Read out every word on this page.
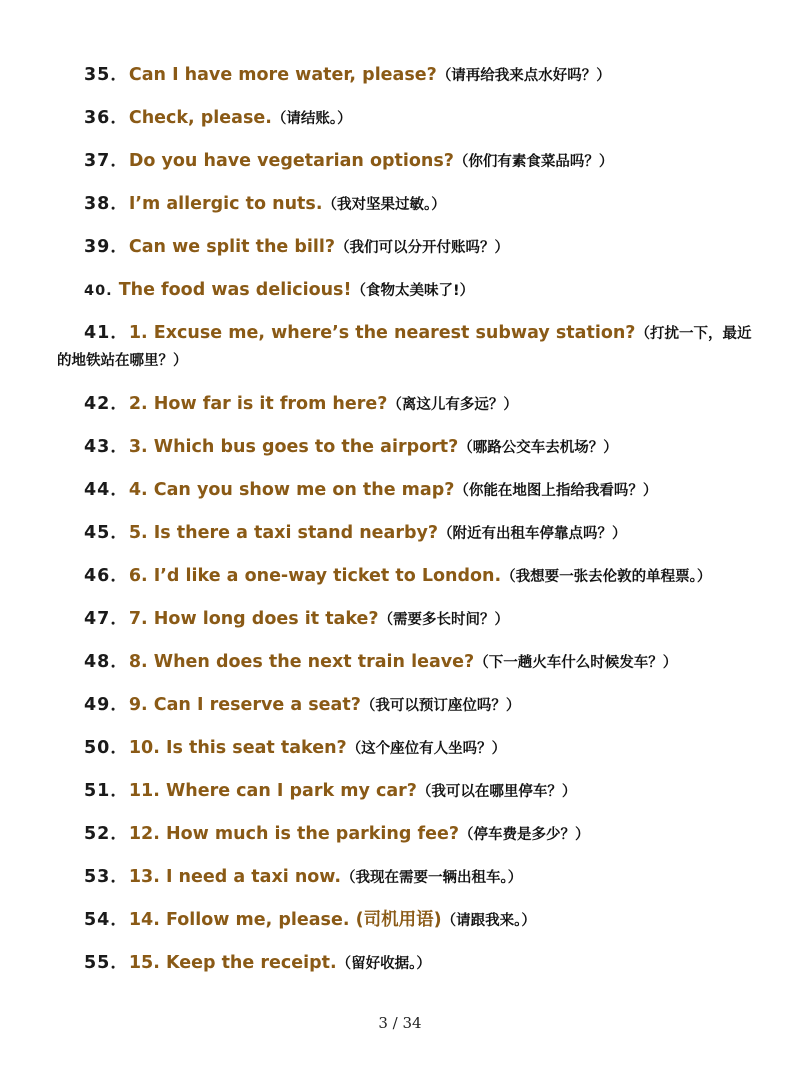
35．Can I have more water, please?（请再给我来点水好吗？）
36．Check, please.（请结账。）
37．Do you have vegetarian options?（你们有素食菜品吗？）
38．I’m allergic to nuts.（我对坚果过敏。）
39．Can we split the bill?（我们可以分开付账吗？）
40. The food was delicious!（食物太美味了!）
41．1. Excuse me, where’s the nearest subway station?（打扰一下，最近
的地铁站在哪里？）
42．2. How far is it from here?（离这儿有多远？）
43．3. Which bus goes to the airport?（哪路公交车去机场？）
44．4. Can you show me on the map?（你能在地图上指给我看吗？）
45．5. Is there a taxi stand nearby?（附近有出租车停靠点吗？）
46．6. I’d like a one-way ticket to London.（我想要一张去伦敦的单程票。）
47．7. How long does it take?（需要多长时间？）
48．8. When does the next train leave?（下一趟火车什么时候发车？）
49．9. Can I reserve a seat?（我可以预订座位吗？）
50．10. Is this seat taken?（这个座位有人坐吗？）
51．11. Where can I park my car?（我可以在哪里停车？）
52．12. How much is the parking fee?（停车费是多少？）
53．13. I need a taxi now.（我现在需要一辆出租车。）
54．14. Follow me, please. (司机用语)（请跟我来。）
55．15. Keep the receipt.（留好收据。）
3 / 34
